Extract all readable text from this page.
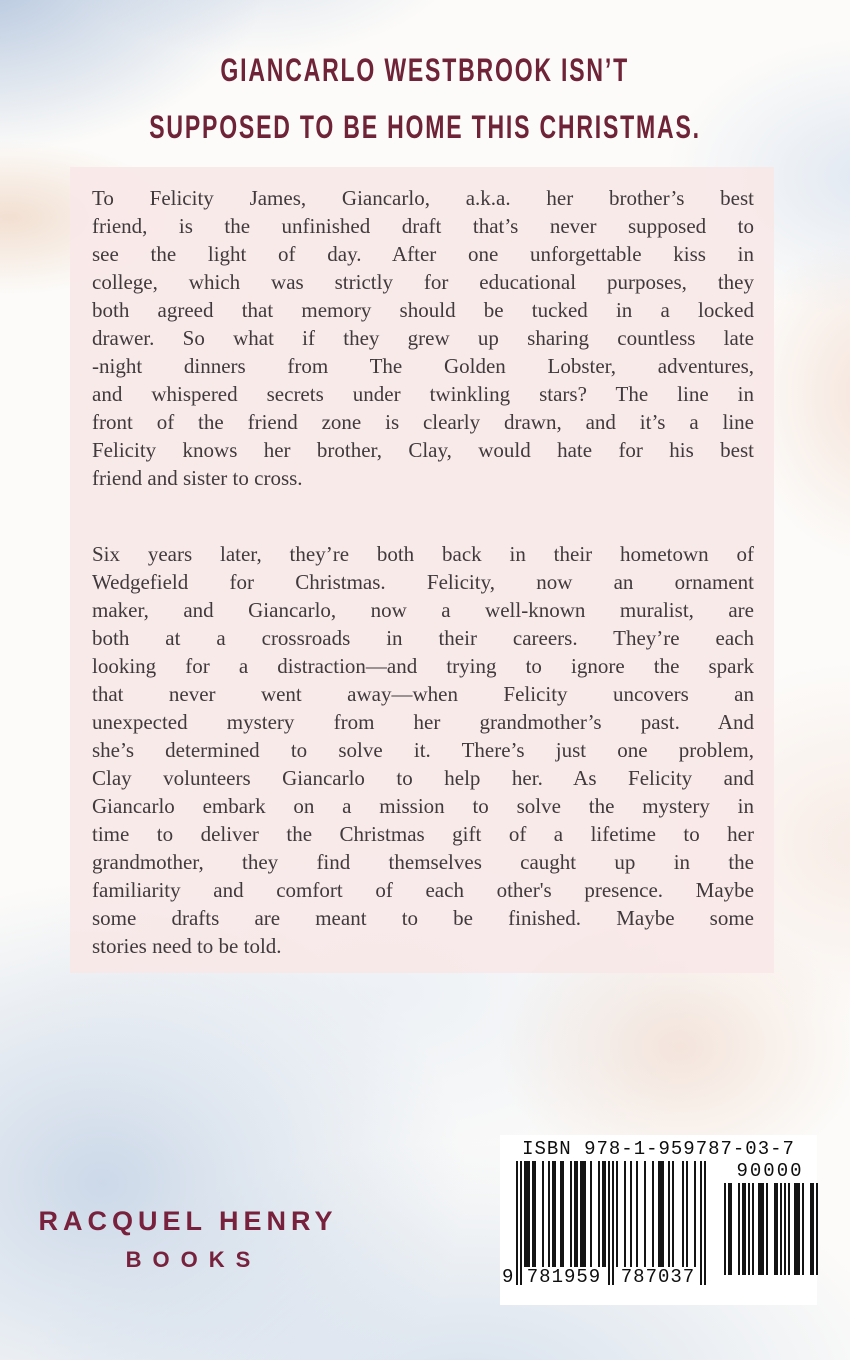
GIANCARLO WESTBROOK ISN’T
SUPPOSED TO BE HOME THIS CHRISTMAS.
To Felicity James, Giancarlo, a.k.a. her brother’s best
friend, is the unfinished draft that’s never supposed to
see the light of day. After one unforgettable kiss in
college, which was strictly for educational purposes, they
both agreed that memory should be tucked in a locked
drawer. So what if they grew up sharing countless late
-night dinners from The Golden Lobster, adventures,
and whispered secrets under twinkling stars? The line in
front of the friend zone is clearly drawn, and it’s a line
Felicity knows her brother, Clay, would hate for his best
friend and sister to cross.
Six years later, they’re both back in their hometown of
Wedgefield for Christmas. Felicity, now an ornament
maker, and Giancarlo, now a well-known muralist, are
both at a crossroads in their careers. They’re each
looking for a distraction—and trying to ignore the spark
that never went away—when Felicity uncovers an
unexpected mystery from her grandmother’s past. And
she’s determined to solve it. There’s just one problem,
Clay volunteers Giancarlo to help her. As Felicity and
Giancarlo embark on a mission to solve the mystery in
time to deliver the Christmas gift of a lifetime to her
grandmother, they find themselves caught up in the
familiarity and comfort of each other's presence. Maybe
some drafts are meant to be finished. Maybe some
stories need to be told.
RACQUEL HENRY
BOOKS
ISBN 978-1-959787-03-7
9 781959 787037
90000
